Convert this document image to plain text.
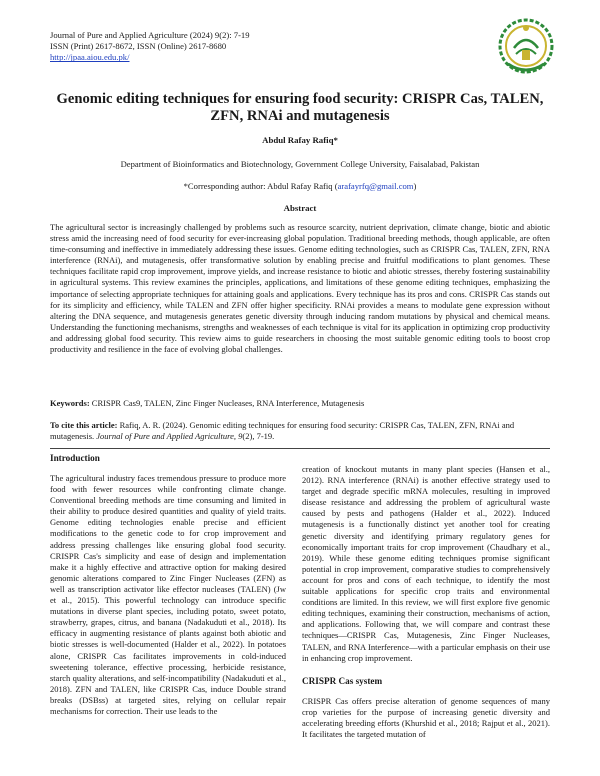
Journal of Pure and Applied Agriculture (2024) 9(2): 7-19
ISSN (Print) 2617-8672, ISSN (Online) 2617-8680
http://jpaa.aiou.edu.pk/
Genomic editing techniques for ensuring food security: CRISPR Cas, TALEN, ZFN, RNAi and mutagenesis
Abdul Rafay Rafiq*
Department of Bioinformatics and Biotechnology, Government College University, Faisalabad, Pakistan
*Corresponding author: Abdul Rafay Rafiq (arafayrfq@gmail.com)
Abstract

The agricultural sector is increasingly challenged by problems such as resource scarcity, nutrient deprivation, climate change, biotic and abiotic stress amid the increasing need of food security for ever-increasing global population. Traditional breeding methods, though applicable, are often time-consuming and ineffective in immediately addressing these issues. Genome editing technologies, such as CRISPR Cas, TALEN, ZFN, RNA interference (RNAi), and mutagenesis, offer transformative solution by enabling precise and fruitful modifications to plant genomes. These techniques facilitate rapid crop improvement, improve yields, and increase resistance to biotic and abiotic stresses, thereby fostering sustainability in agricultural systems. This review examines the principles, applications, and limitations of these genome editing techniques, emphasizing the importance of selecting appropriate techniques for attaining goals and applications. Every technique has its pros and cons. CRISPR Cas stands out for its simplicity and efficiency, while TALEN and ZFN offer higher specificity. RNAi provides a means to modulate gene expression without altering the DNA sequence, and mutagenesis generates genetic diversity through inducing random mutations by physical and chemical means. Understanding the functioning mechanisms, strengths and weaknesses of each technique is vital for its application in optimizing crop productivity and addressing global food security. This review aims to guide researchers in choosing the most suitable genomic editing tools to boost crop productivity and resilience in the face of evolving global challenges.

Keywords: CRISPR Cas9, TALEN, Zinc Finger Nucleases, RNA Interference, Mutagenesis

To cite this article: Rafiq, A. R. (2024). Genomic editing techniques for ensuring food security: CRISPR Cas, TALEN, ZFN, RNAi and mutagenesis. Journal of Pure and Applied Agriculture, 9(2), 7-19.

Introduction

The agricultural industry faces tremendous pressure to produce more food with fewer resources while confronting climate change. Conventional breeding methods are time consuming and limited in their ability to produce desired quantities and quality of yield traits. Genome editing technologies enable precise and efficient modifications to the genetic code to for crop improvement and address pressing challenges like ensuring global food security. CRISPR Cas's simplicity and ease of design and implementation make it a highly effective and attractive option for making desired genomic alterations compared to Zinc Finger Nucleases (ZFN) as well as transcription activator like effector nucleases (TALEN) (Jw et al., 2015). This powerful technology can introduce specific mutations in diverse plant species, including potato, sweet potato, strawberry, grapes, citrus, and banana (Nadakuduti et al., 2018). Its efficacy in augmenting resistance of plants against both abiotic and biotic stresses is well-documented (Halder et al., 2022). In potatoes alone, CRISPR Cas facilitates improvements in cold-induced sweetening tolerance, effective processing, herbicide resistance, starch quality alterations, and self-incompatibility (Nadakuduti et al., 2018). ZFN and TALEN, like CRISPR Cas, induce Double strand breaks (DSBss) at targeted sites, relying on cellular repair mechanisms for correction. Their use leads to the

creation of knockout mutants in many plant species (Hansen et al., 2012). RNA interference (RNAi) is another effective strategy used to target and degrade specific mRNA molecules, resulting in improved disease resistance and addressing the problem of agricultural waste caused by pests and pathogens (Halder et al., 2022). Induced mutagenesis is a functionally distinct yet another tool for creating genetic diversity and identifying primary regulatory genes for economically important traits for crop improvement (Chaudhary et al., 2019). While these genome editing techniques promise significant potential in crop improvement, comparative studies to comprehensively account for pros and cons of each technique, to identify the most suitable applications for specific crop traits and environmental conditions are limited. In this review, we will first explore five genomic editing techniques, examining their construction, mechanisms of action, and applications. Following that, we will compare and contrast these techniques—CRISPR Cas, Mutagenesis, Zinc Finger Nucleases, TALEN, and RNA Interference—with a particular emphasis on their use in enhancing crop improvement.

CRISPR Cas system

CRISPR Cas offers precise alteration of genome sequences of many crop varieties for the purpose of increasing genetic diversity and accelerating breeding efforts (Khurshid et al., 2018; Rajput et al., 2021). It facilitates the targeted mutation of
